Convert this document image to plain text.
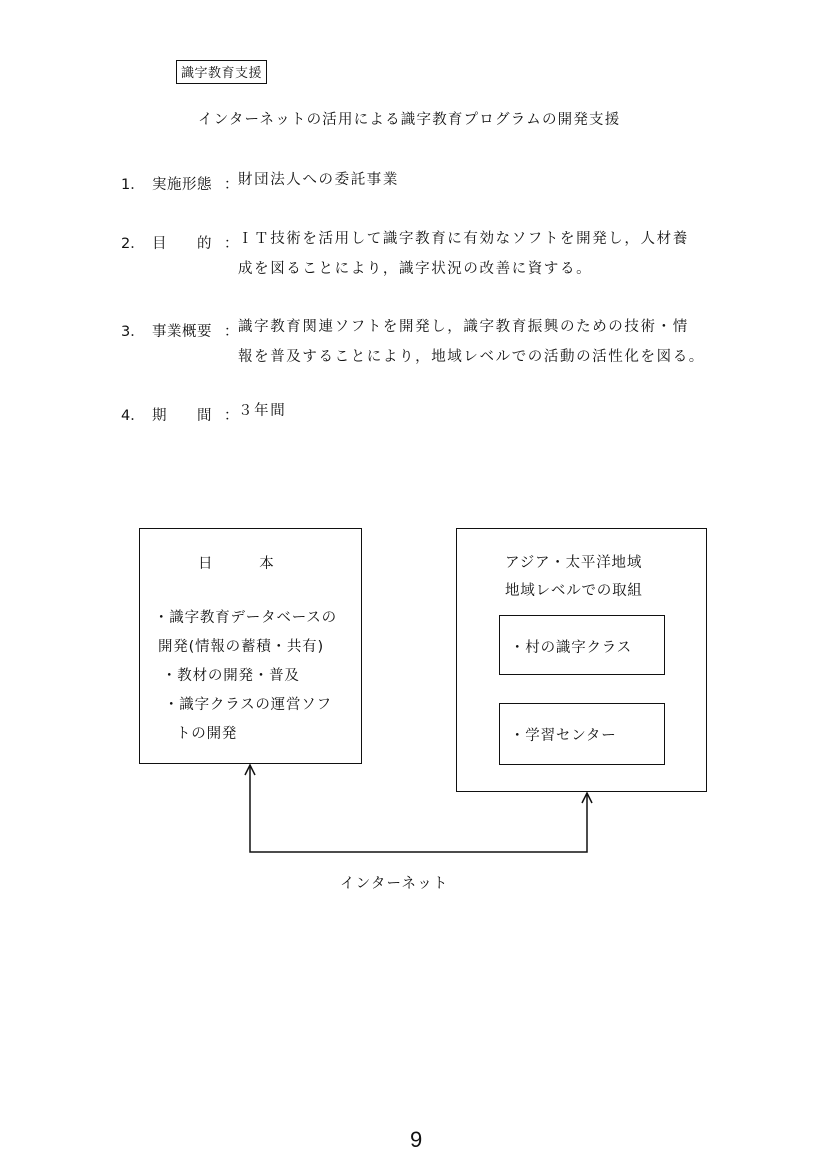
識字教育支援
インターネットの活用による識字教育プログラムの開発支援
1． 実施形態 ： 財団法人への委託事業
2． 目　　的 ： ＩＴ技術を活用して識字教育に有効なソフトを開発し，人材養
成を図ることにより，識字状況の改善に資する。
3． 事業概要 ： 識字教育関連ソフトを開発し，識字教育振興のための技術・情
報を普及することにより，地域レベルでの活動の活性化を図る。
4． 期　　間 ： ３年間
日　　　本
・識字教育データベースの
開発(情報の蓄積・共有)
・教材の開発・普及
・識字クラスの運営ソフ
トの開発
アジア・太平洋地域
地域レベルでの取組
・村の識字クラス
・学習センター
インターネット
9
